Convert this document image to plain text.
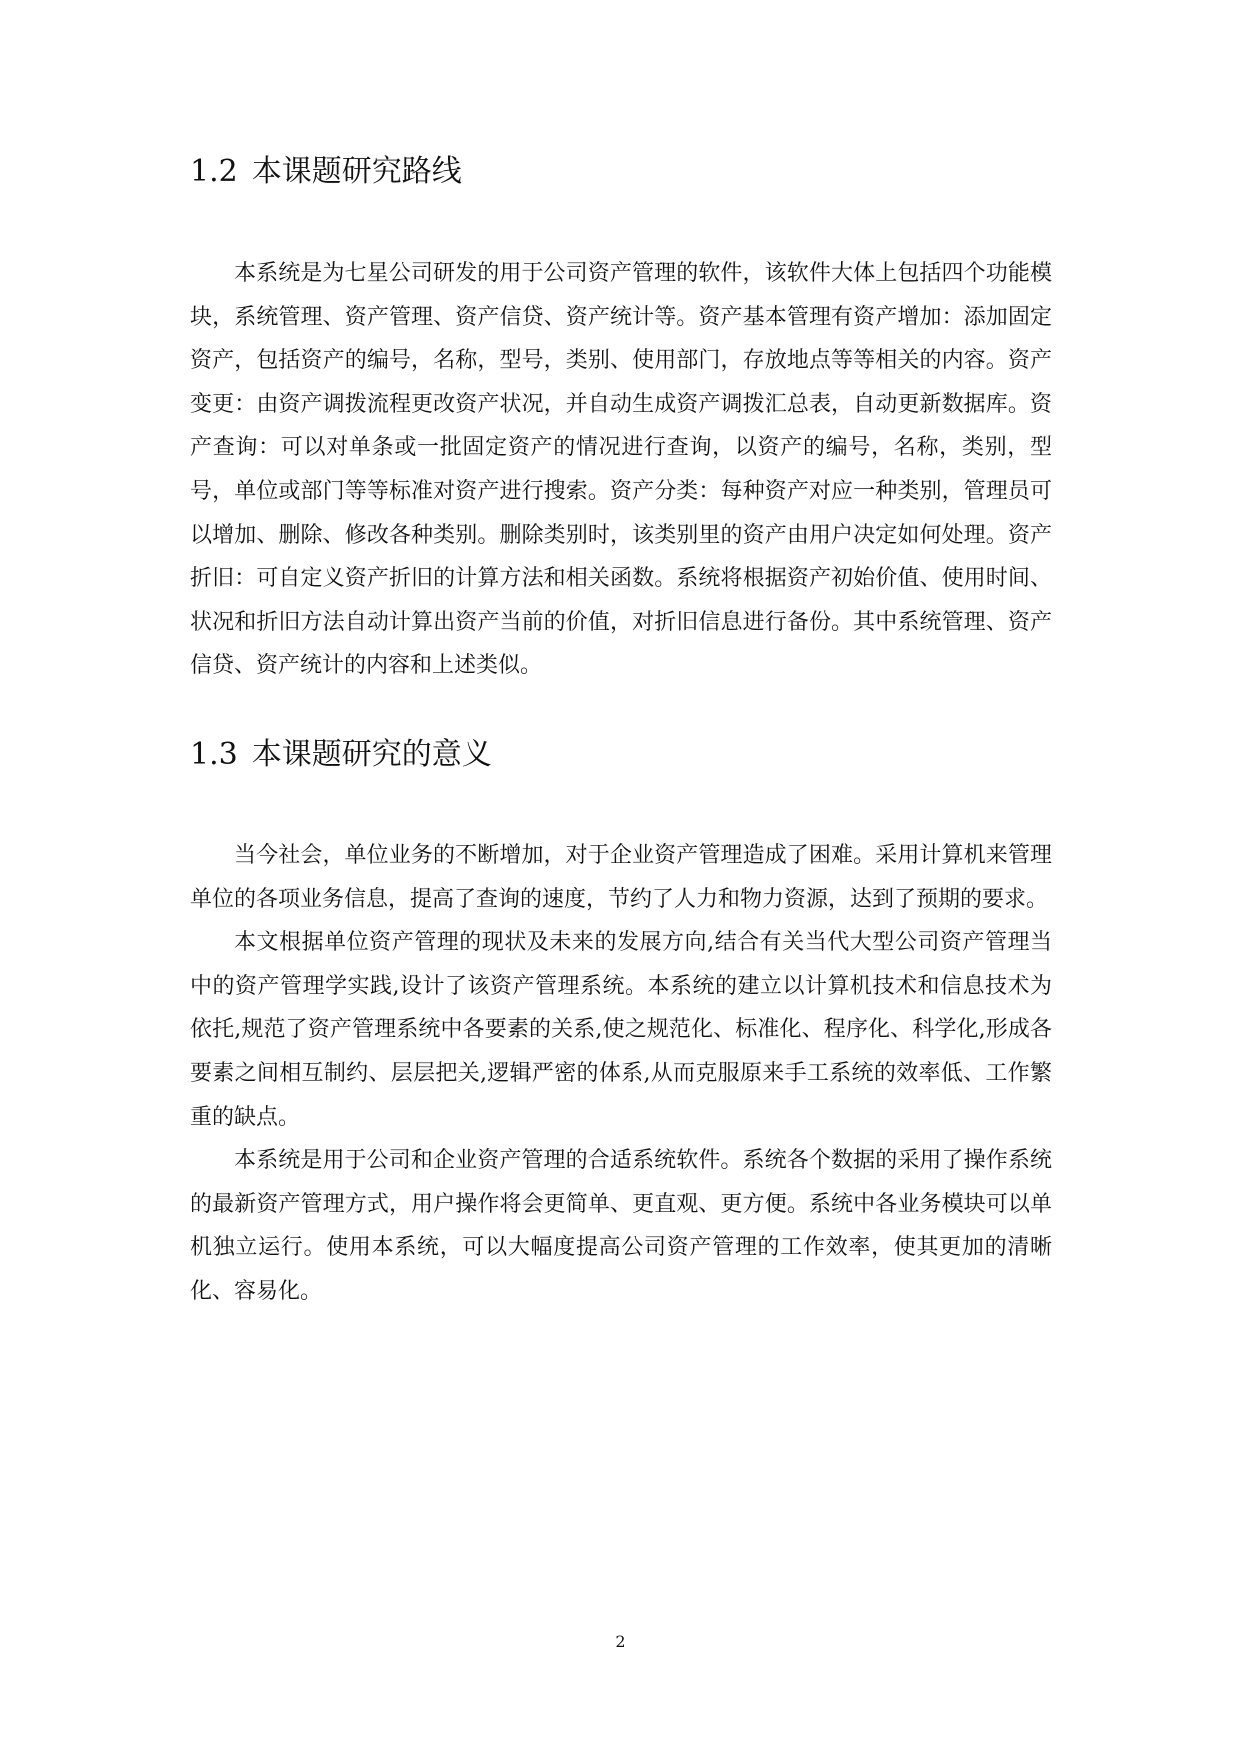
1.2 本课题研究路线

本系统是为七星公司研发的用于公司资产管理的软件，该软件大体上包括四个功能模块，系统管理、资产管理、资产信贷、资产统计等。资产基本管理有资产增加：添加固定资产，包括资产的编号，名称，型号，类别、使用部门，存放地点等等相关的内容。资产变更：由资产调拨流程更改资产状况，并自动生成资产调拨汇总表，自动更新数据库。资产查询：可以对单条或一批固定资产的情况进行查询，以资产的编号，名称，类别，型号，单位或部门等等标准对资产进行搜索。资产分类：每种资产对应一种类别，管理员可以增加、删除、修改各种类别。删除类别时，该类别里的资产由用户决定如何处理。资产折旧：可自定义资产折旧的计算方法和相关函数。系统将根据资产初始价值、使用时间、状况和折旧方法自动计算出资产当前的价值，对折旧信息进行备份。其中系统管理、资产信贷、资产统计的内容和上述类似。

1.3 本课题研究的意义

当今社会，单位业务的不断增加，对于企业资产管理造成了困难。采用计算机来管理单位的各项业务信息，提高了查询的速度，节约了人力和物力资源，达到了预期的要求。

本文根据单位资产管理的现状及未来的发展方向,结合有关当代大型公司资产管理当中的资产管理学实践,设计了该资产管理系统。本系统的建立以计算机技术和信息技术为依托,规范了资产管理系统中各要素的关系,使之规范化、标准化、程序化、科学化,形成各要素之间相互制约、层层把关,逻辑严密的体系,从而克服原来手工系统的效率低、工作繁重的缺点。

本系统是用于公司和企业资产管理的合适系统软件。系统各个数据的采用了操作系统的最新资产管理方式，用户操作将会更简单、更直观、更方便。系统中各业务模块可以单机独立运行。使用本系统，可以大幅度提高公司资产管理的工作效率，使其更加的清晰化、容易化。

2
